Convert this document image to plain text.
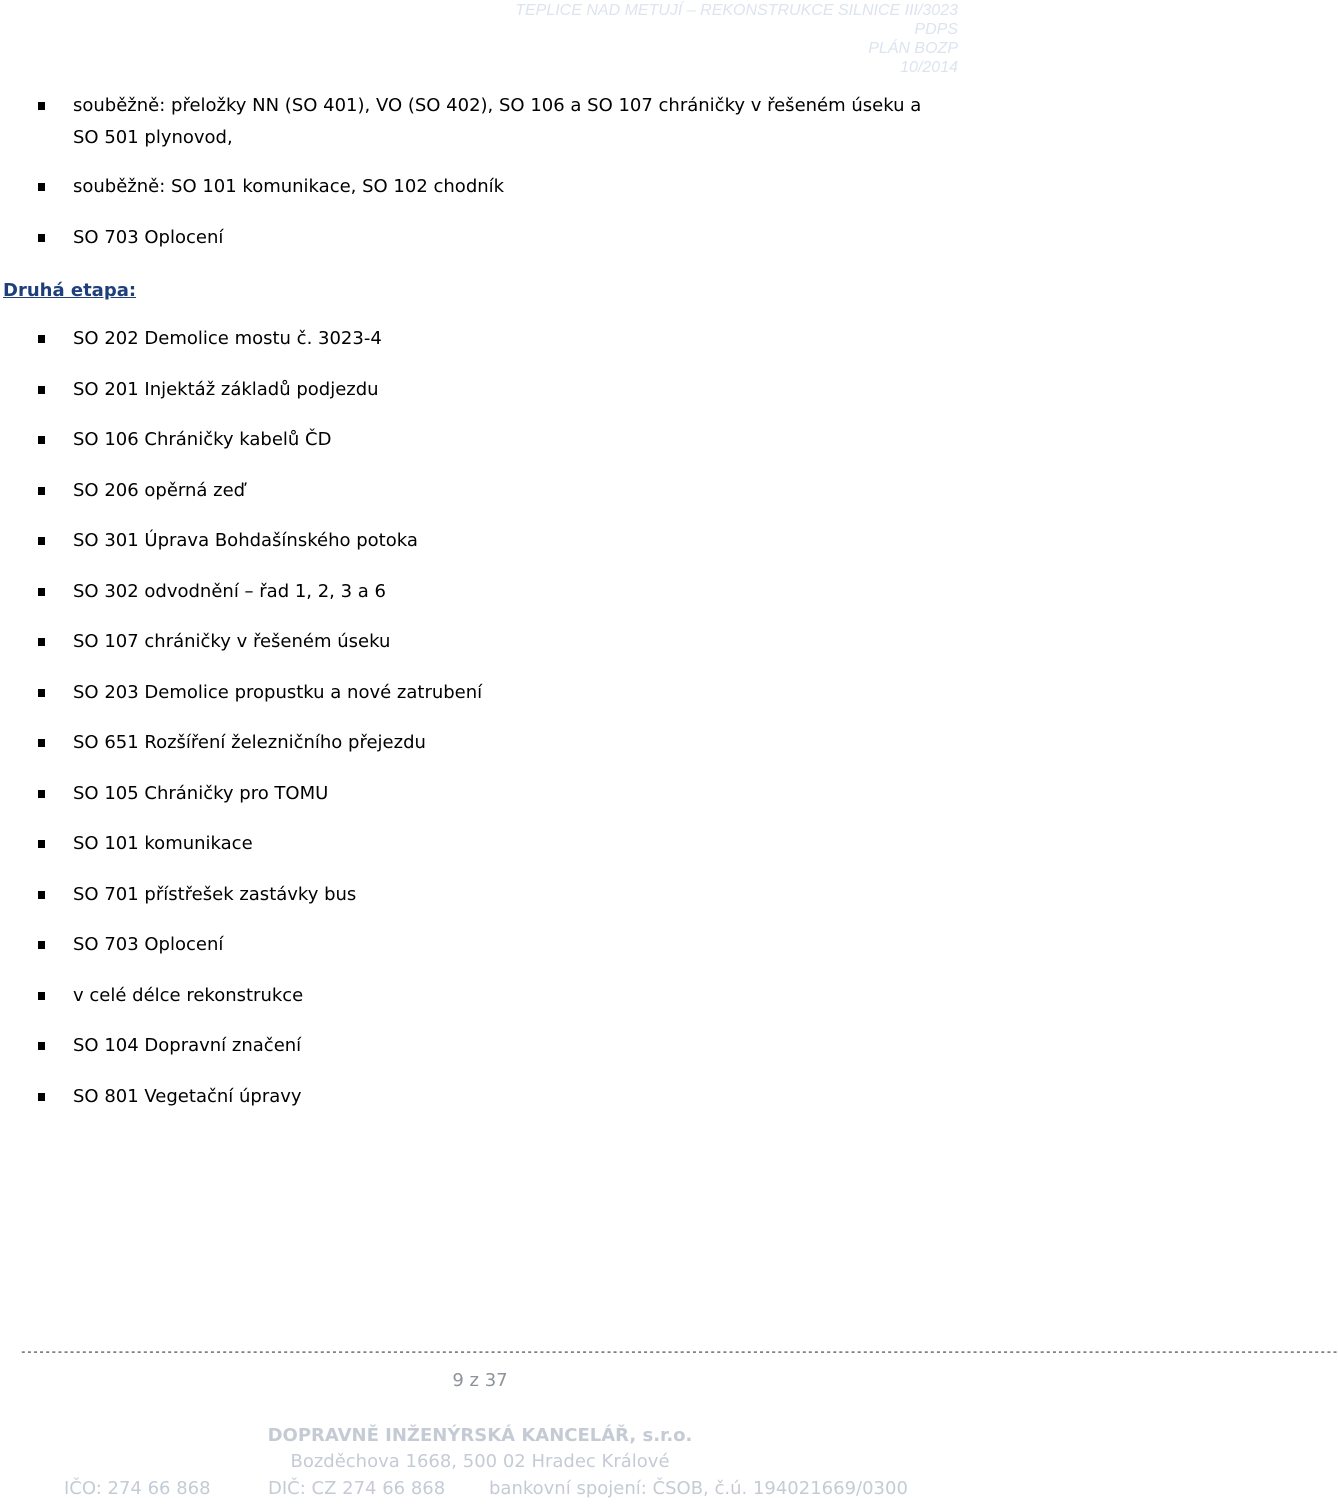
TEPLICE NAD METUJÍ – REKONSTRUKCE SILNICE III/3023
PDPS
PLÁN BOZP
10/2014
souběžně: přeložky NN (SO 401), VO (SO 402), SO 106 a SO 107 chráničky v řešeném úseku a SO 501 plynovod,
souběžně: SO 101 komunikace, SO 102 chodník
SO 703 Oplocení
Druhá etapa:
SO 202 Demolice mostu č. 3023-4
SO 201 Injektáž základů podjezdu
SO 106 Chráničky kabelů ČD
SO 206 opěrná zeď
SO 301 Úprava Bohdašínského potoka
SO 302 odvodnění – řad 1, 2, 3 a 6
SO 107 chráničky v řešeném úseku
SO 203 Demolice propustku a nové zatrubení
SO 651 Rozšíření železničního přejezdu
SO 105 Chráničky pro TOMU
SO 101 komunikace
SO 701 přístřešek zastávky bus
SO 703 Oplocení
v celé délce rekonstrukce
SO 104 Dopravní značení
SO 801 Vegetační úpravy
------------------------------------------------------------------------------------------------------------------------------------------------------------------------------------------------------------------------
9 z 37
DOPRAVNĚ INŽENÝRSKÁ KANCELÁŘ, s.r.o.
Bozděchova 1668, 500 02 Hradec Králové
IČO: 274 66 868	DIČ: CZ 274 66 868 bankovní spojení: ČSOB, č.ú. 194021669/0300
